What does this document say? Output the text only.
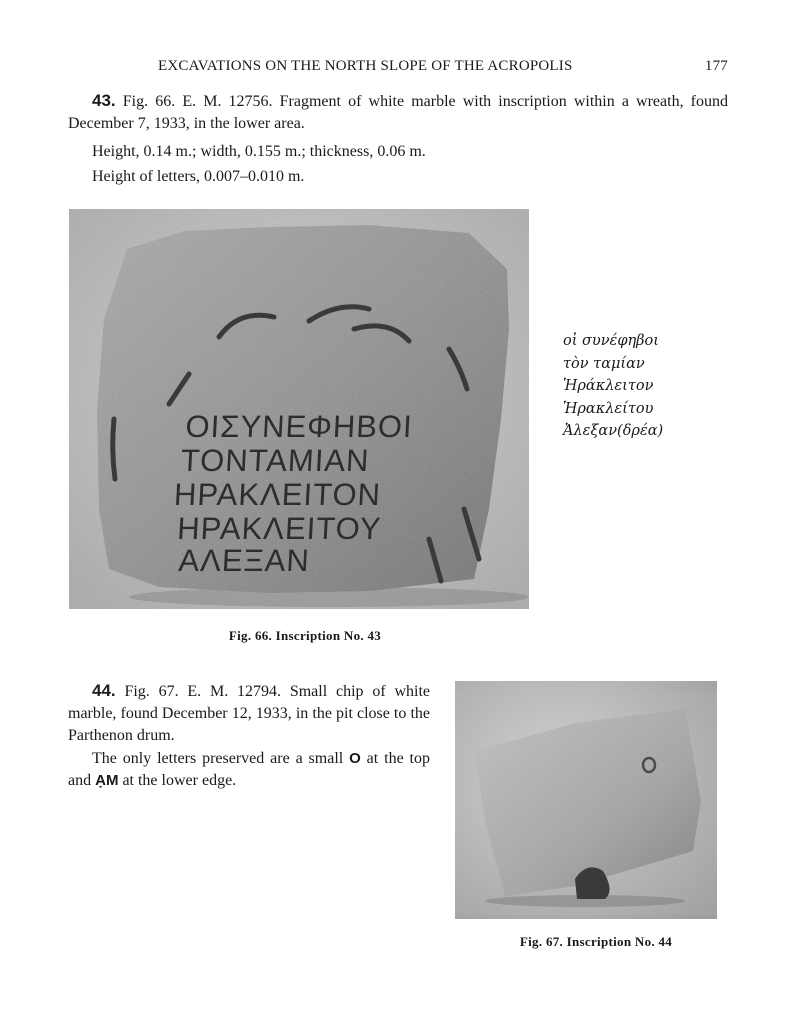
EXCAVATIONS ON THE NORTH SLOPE OF THE ACROPOLIS	177

43. Fig. 66. E. M. 12756. Fragment of white marble with inscription within a wreath, found December 7, 1933, in the lower area.

Height, 0.14 m.; width, 0.155 m.; thickness, 0.06 m.

Height of letters, 0.007–0.010 m.

ΟΙΣΥΝΕΦΗΒΟΙ
ΤΟΝΤΑΜΙΑΝ
ΗΡΑΚΛΕΙΤΟΝ
ΗΡΑΚΛΕΙΤΟΥ
ΑΛΕΞΑΝ
οἱ συνέφηβοι
τὸν ταμίαν
Ἡράκλειτον
Ἡρακλείτου
Ἀλεξαν(δρέα)
Fig. 66. Inscription No. 43

44. Fig. 67. E. M. 12794. Small chip of white marble, found December 12, 1933, in the pit close to the Parthenon drum.

The only letters preserved are a small O at the top and ẠM at the lower edge.

Fig. 67. Inscription No. 44
